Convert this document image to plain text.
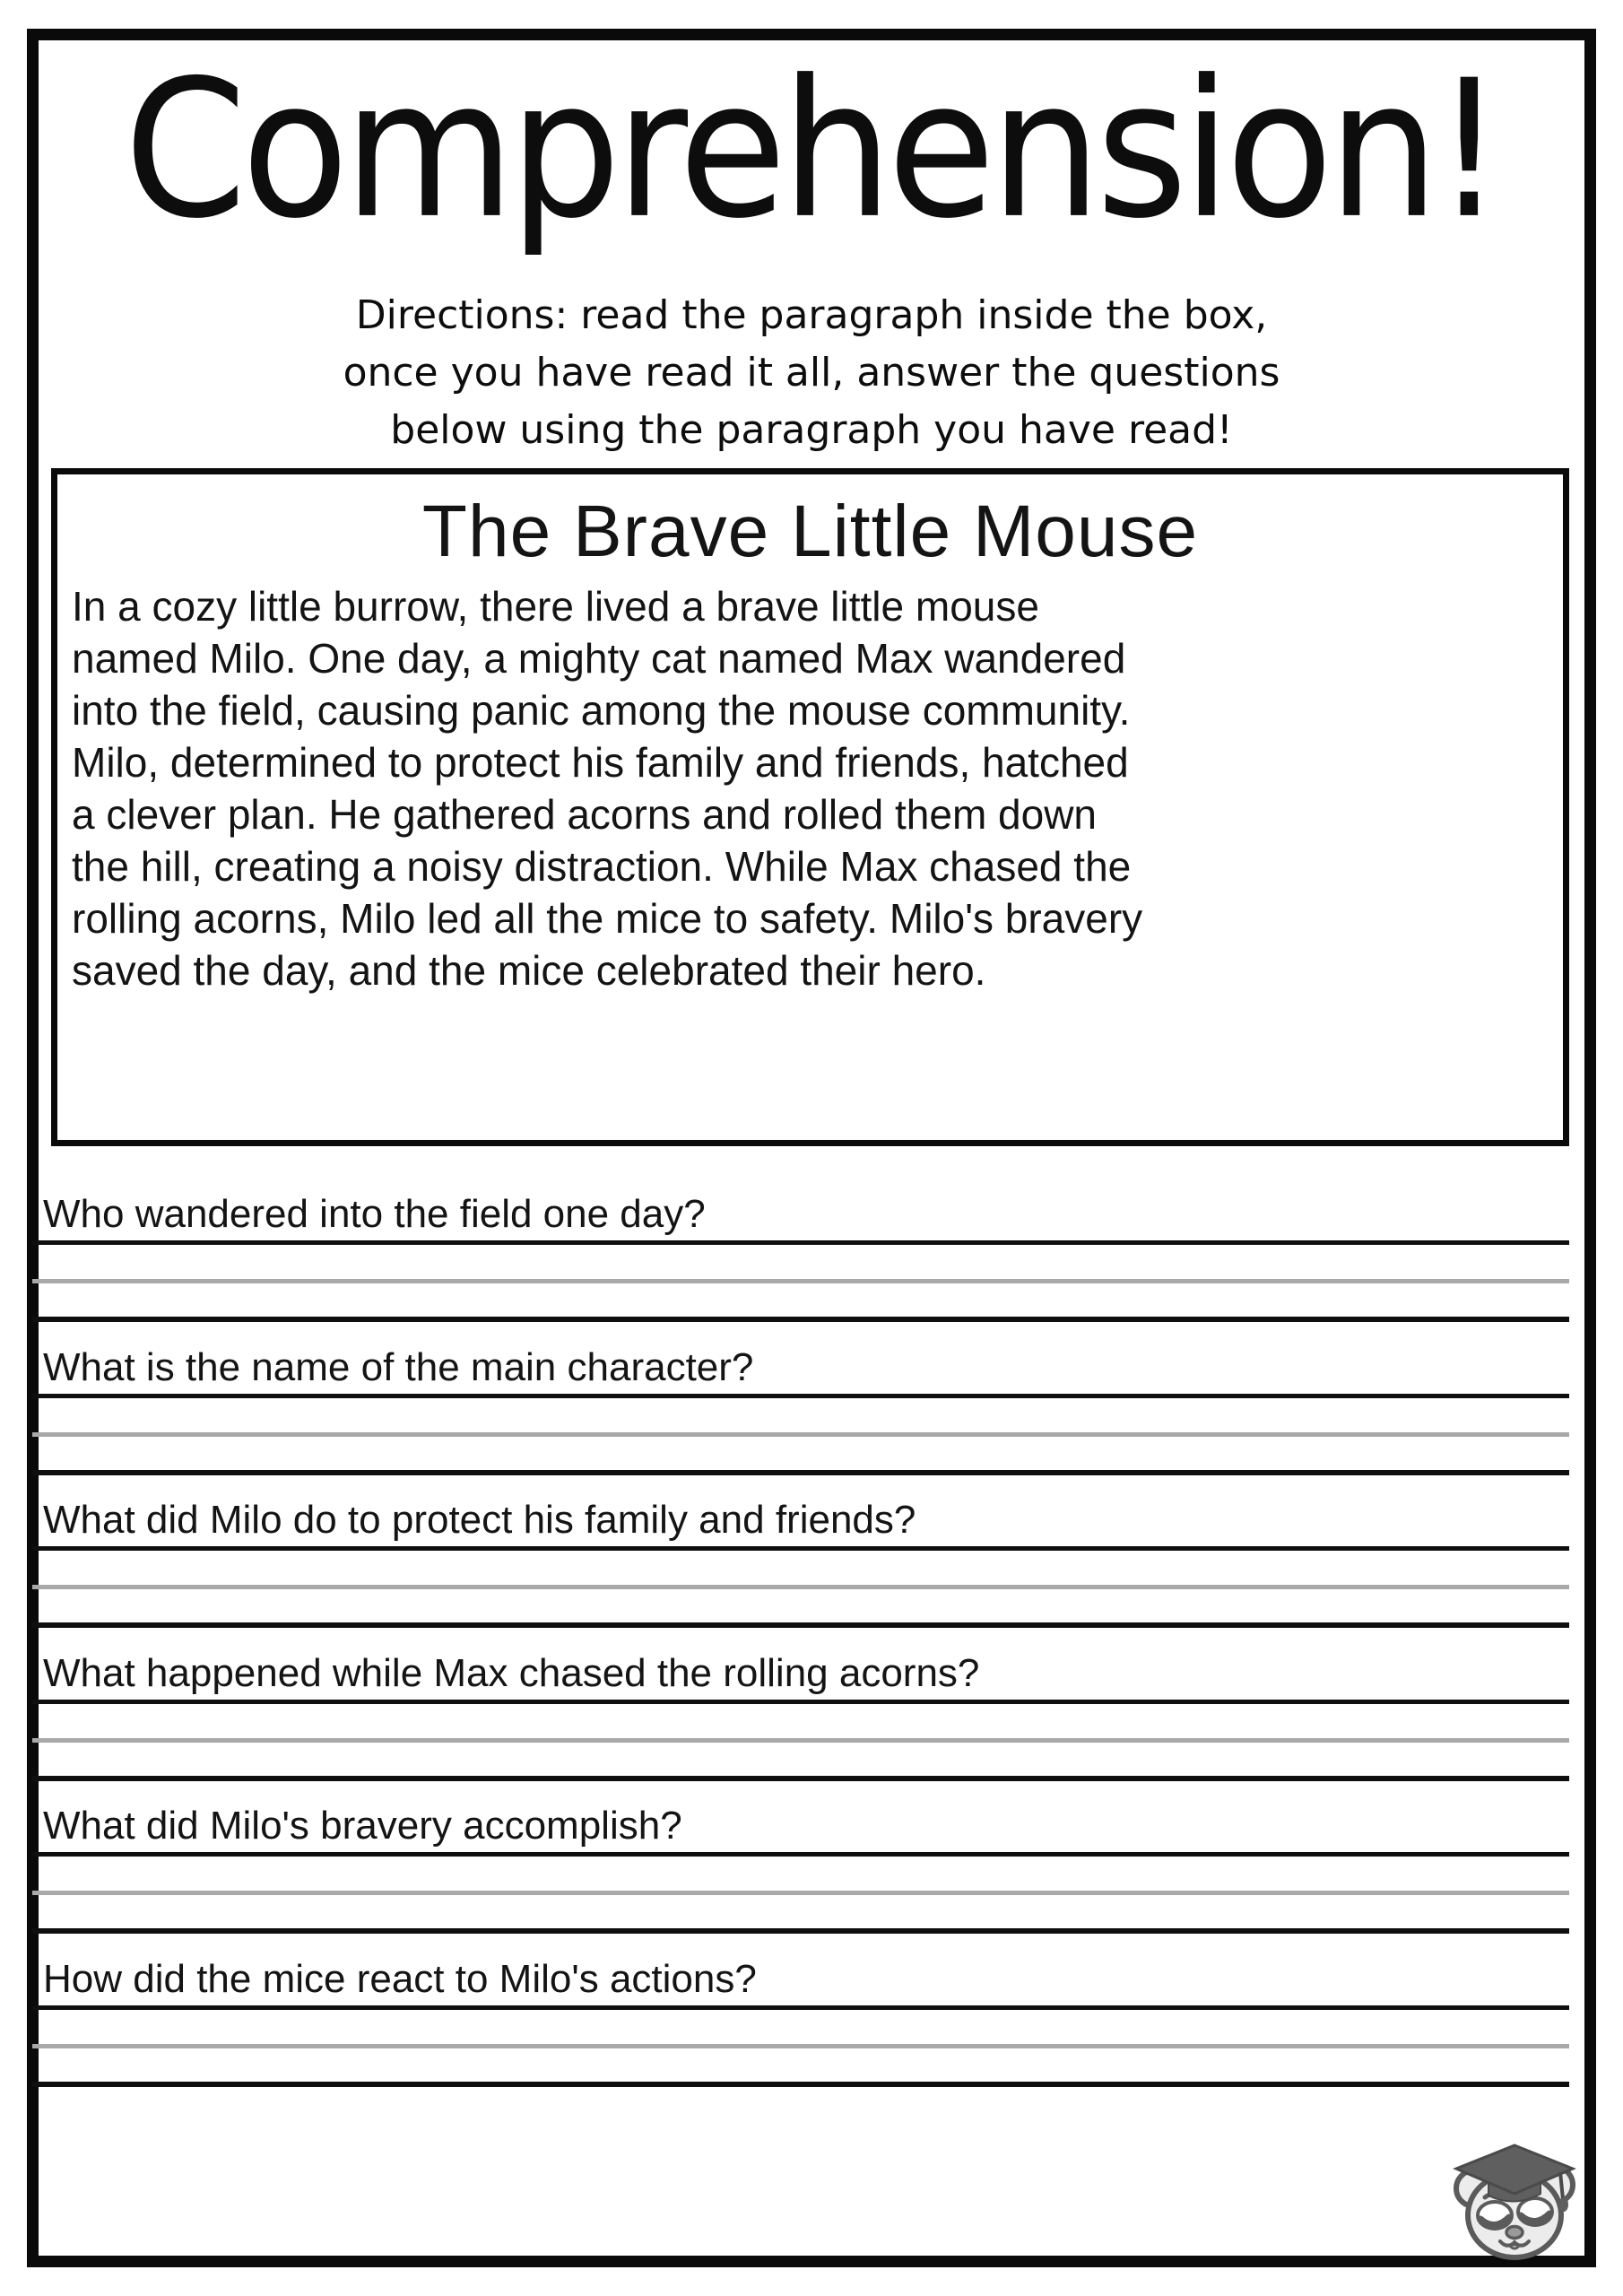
Comprehension!
Directions: read the paragraph inside the box,
once you have read it all, answer the questions
below using the paragraph you have read!
The Brave Little Mouse
In a cozy little burrow, there lived a brave little mouse
named Milo. One day, a mighty cat named Max wandered
into the field, causing panic among the mouse community.
Milo, determined to protect his family and friends, hatched
a clever plan. He gathered acorns and rolled them down
the hill, creating a noisy distraction. While Max chased the
rolling acorns, Milo led all the mice to safety. Milo's bravery
saved the day, and the mice celebrated their hero.
Who wandered into the field one day?
What is the name of the main character?
What did Milo do to protect his family and friends?
What happened while Max chased the rolling acorns?
What did Milo's bravery accomplish?
How did the mice react to Milo's actions?
